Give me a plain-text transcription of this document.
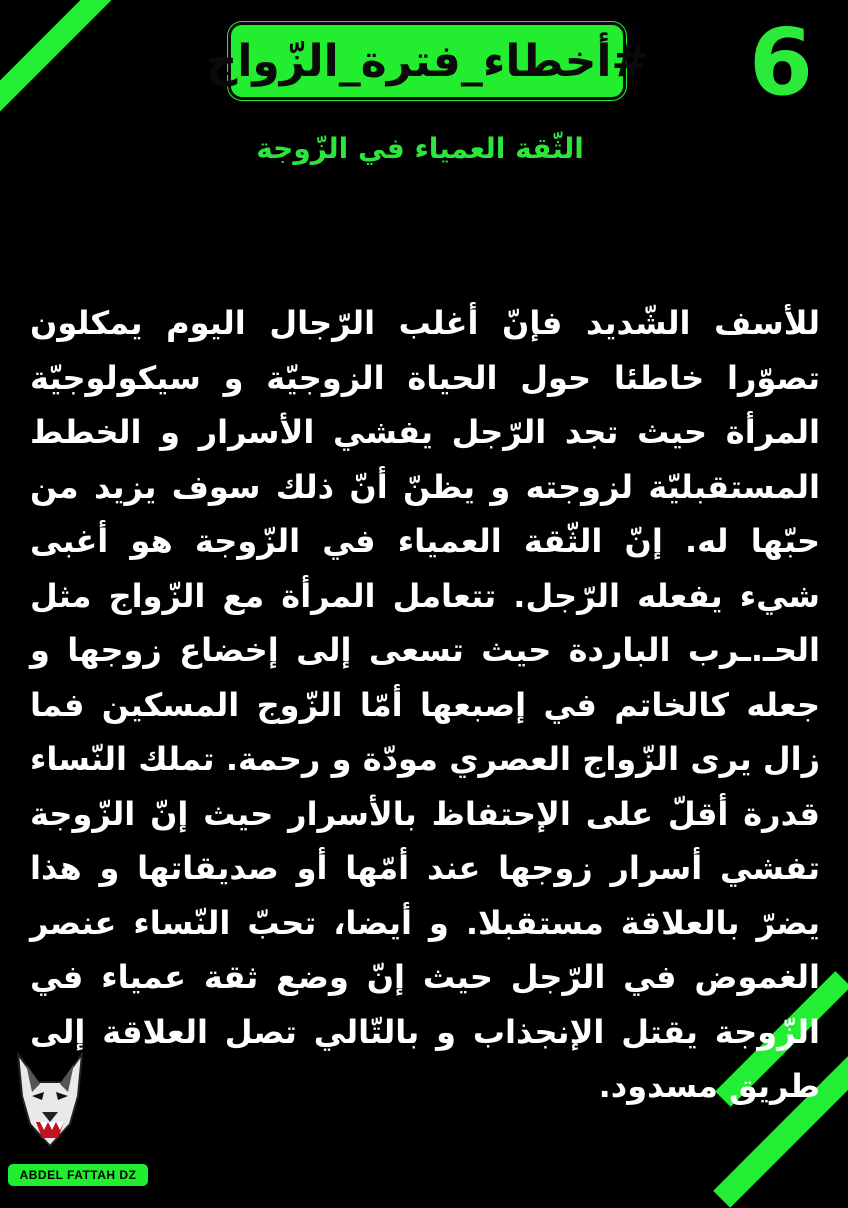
6
#أخطاء_فترة_الزّواج
الثّقة العمياء في الزّوجة
للأسف الشّديد فإنّ أغلب الرّجال اليوم يمكلون تصوّرا خاطئا حول الحياة الزوجيّة و سيكولوجيّة المرأة حيث تجد الرّجل يفشي الأسرار و الخطط المستقبليّة لزوجته و يظنّ أنّ ذلك سوف يزيد من حبّها له. إنّ الثّقة العمياء في الزّوجة هو أغبى شيء يفعله الرّجل. تتعامل المرأة مع الزّواج مثل الحـ.ـرب الباردة حيث تسعى إلى إخضاع زوجها و جعله كالخاتم في إصبعها أمّا الزّوج المسكين فما زال يرى الزّواج العصري مودّة و رحمة. تملك النّساء قدرة أقلّ على الإحتفاظ بالأسرار حيث إنّ الزّوجة تفشي أسرار زوجها عند أمّها أو صديقاتها و هذا يضرّ بالعلاقة مستقبلا. و أيضا، تحبّ النّساء عنصر الغموض في الرّجل حيث إنّ وضع ثقة عمياء في الزّوجة يقتل الإنجذاب و بالتّالي تصل العلاقة إلى طريق مسدود.
ABDEL FATTAH DZ
